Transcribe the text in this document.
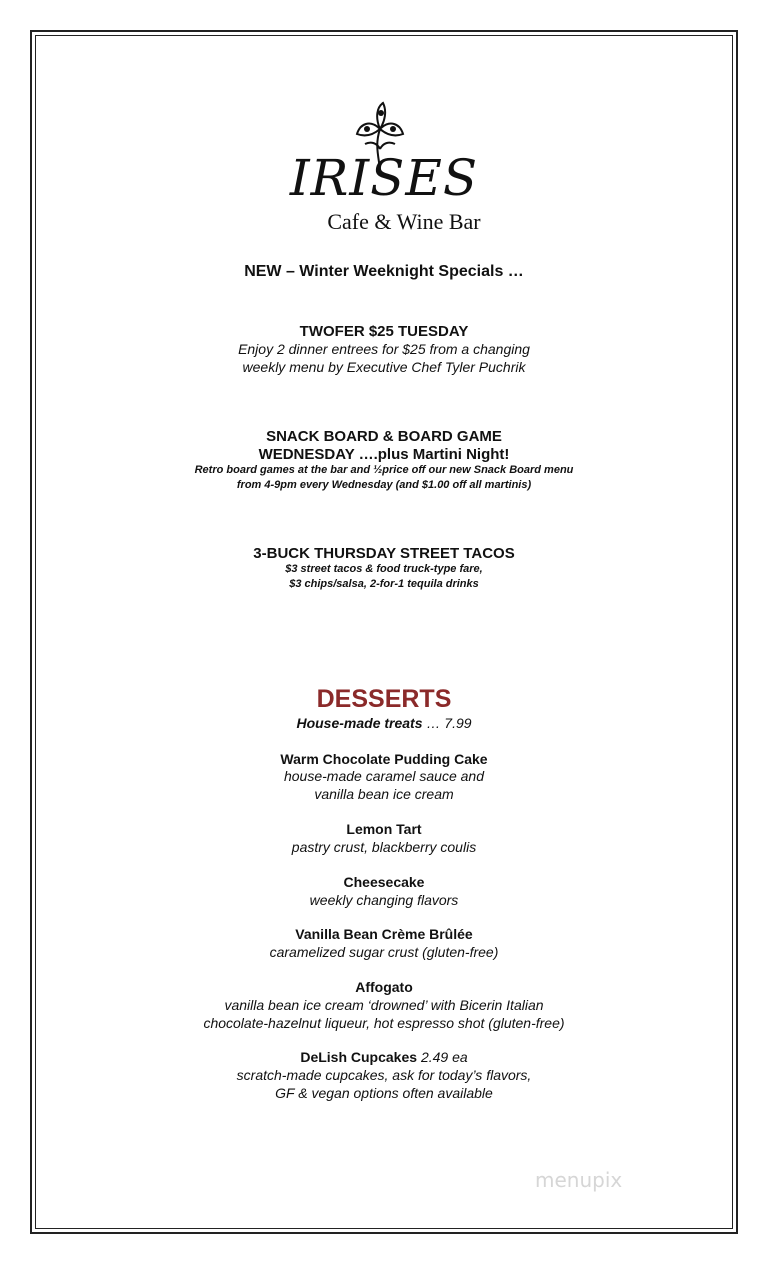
IRISES
Cafe & Wine Bar
NEW – Winter Weeknight Specials …
TWOFER $25 TUESDAY
Enjoy 2 dinner entrees for $25 from a changing
weekly menu by Executive Chef Tyler Puchrik
SNACK BOARD & BOARD GAME
WEDNESDAY ….plus Martini Night!
Retro board games at the bar and ½price off our new Snack Board menu
from 4-9pm every Wednesday (and $1.00 off all martinis)
3-BUCK THURSDAY STREET TACOS
$3 street tacos & food truck-type fare,
$3 chips/salsa, 2-for-1 tequila drinks
DESSERTS
House-made treats … 7.99
Warm Chocolate Pudding Cake
house-made caramel sauce and
vanilla bean ice cream
Lemon Tart
pastry crust, blackberry coulis
Cheesecake
weekly changing flavors
Vanilla Bean Crème Brûlée
caramelized sugar crust (gluten-free)
Affogato
vanilla bean ice cream ‘drowned’ with Bicerin Italian
chocolate-hazelnut liqueur, hot espresso shot (gluten-free)
DeLish Cupcakes 2.49 ea
scratch-made cupcakes, ask for today’s flavors,
GF & vegan options often available
menupix
